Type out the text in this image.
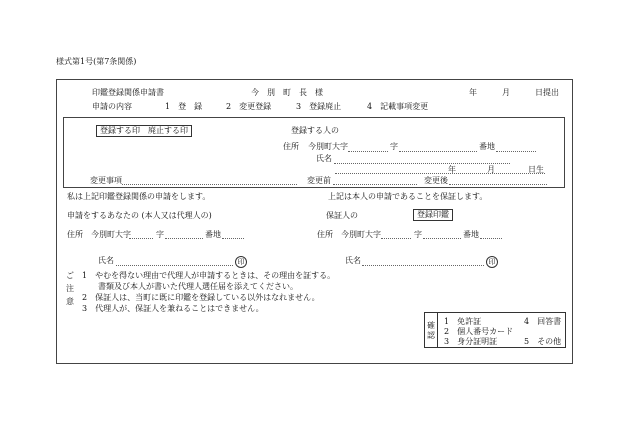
様式第1号(第7条関係)
印鑑登録関係申請書	今　別　町　長　様	年	月	日提出
申請の内容	1　登　録	2　変更登録	3　登録廃止	4　記載事項変更
登録する印　廃止する印	登録する人の
住所 今別町大字	字	番地
氏名
年	月	日生
変更事項	変更前	変更後
私は上記印鑑登録関係の申請をします。	上記は本人の申請であることを保証します。
申請をするあなたの (本人又は代理人の)	保証人の	登録印鑑
住所 今別町大字	字	番地	住所 今別町大字	字	番地
氏名	印	氏名	印
ご
注
意
1　やむを得ない理由で代理人が申請するときは、その理由を証する。
　　書類及び本人が書いた代理人選任届を添えてください。
2　保証人は、当町に既に印鑑を登録している以外はなれません。
3　代理人が、保証人を兼ねることはできません。
確
認
1　免許証	4　回答書
2　個人番号カード
3　身分証明証	5　その他
